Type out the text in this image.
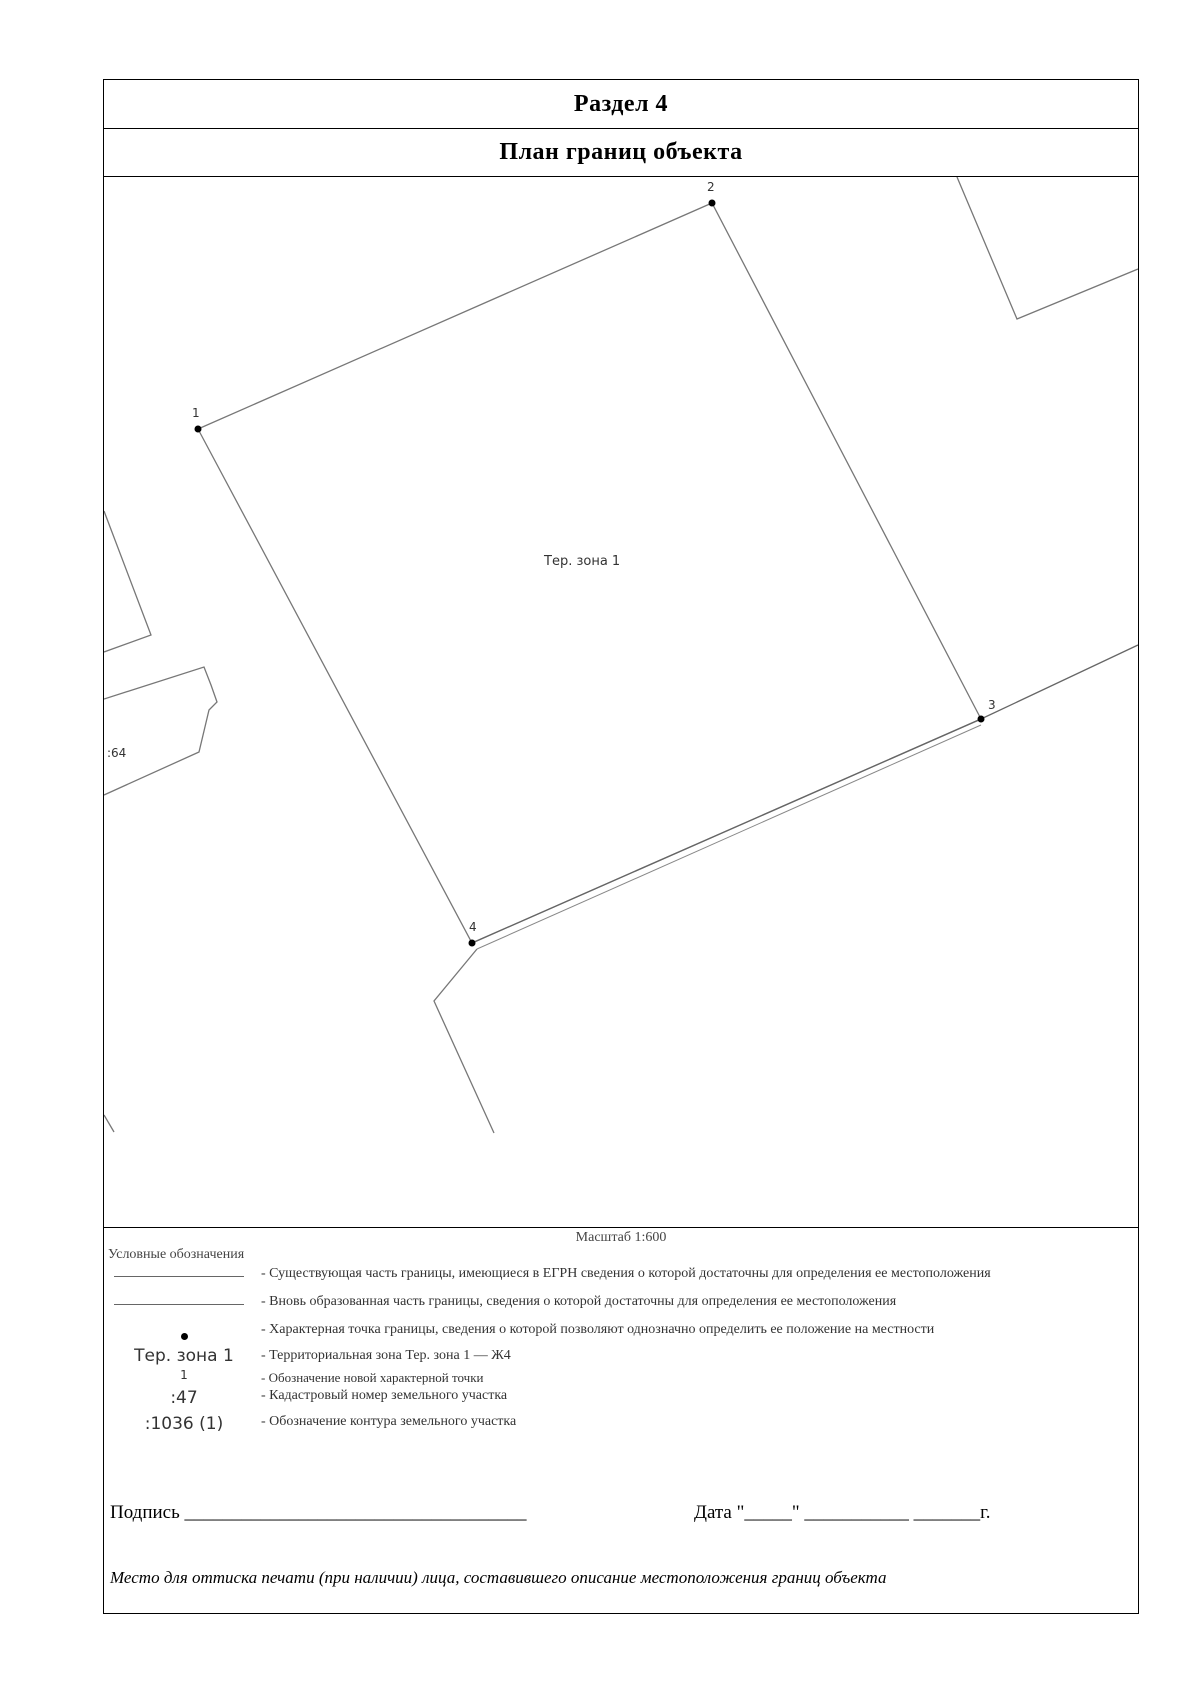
Раздел 4
План границ объекта
1
2
3
4
Тер. зона 1
:64
Масштаб 1:600
Условные обозначения
- Существующая часть границы, имеющиеся в ЕГРН сведения о которой достаточны для определения ее местоположения
- Вновь образованная часть границы, сведения о которой достаточны для определения ее местоположения
- Характерная точка границы, сведения о которой позволяют однозначно определить ее положение на местности
Тер. зона 1	- Территориальная зона Тер. зона 1 — Ж4
1	- Обозначение новой характерной точки
:47	- Кадастровый номер земельного участка
:1036 (1)	- Обозначение контура земельного участка
Подпись ____________________________________	Дата "_____" ___________ _______г.
Место для оттиска печати (при наличии) лица, составившего описание местоположения границ объекта
